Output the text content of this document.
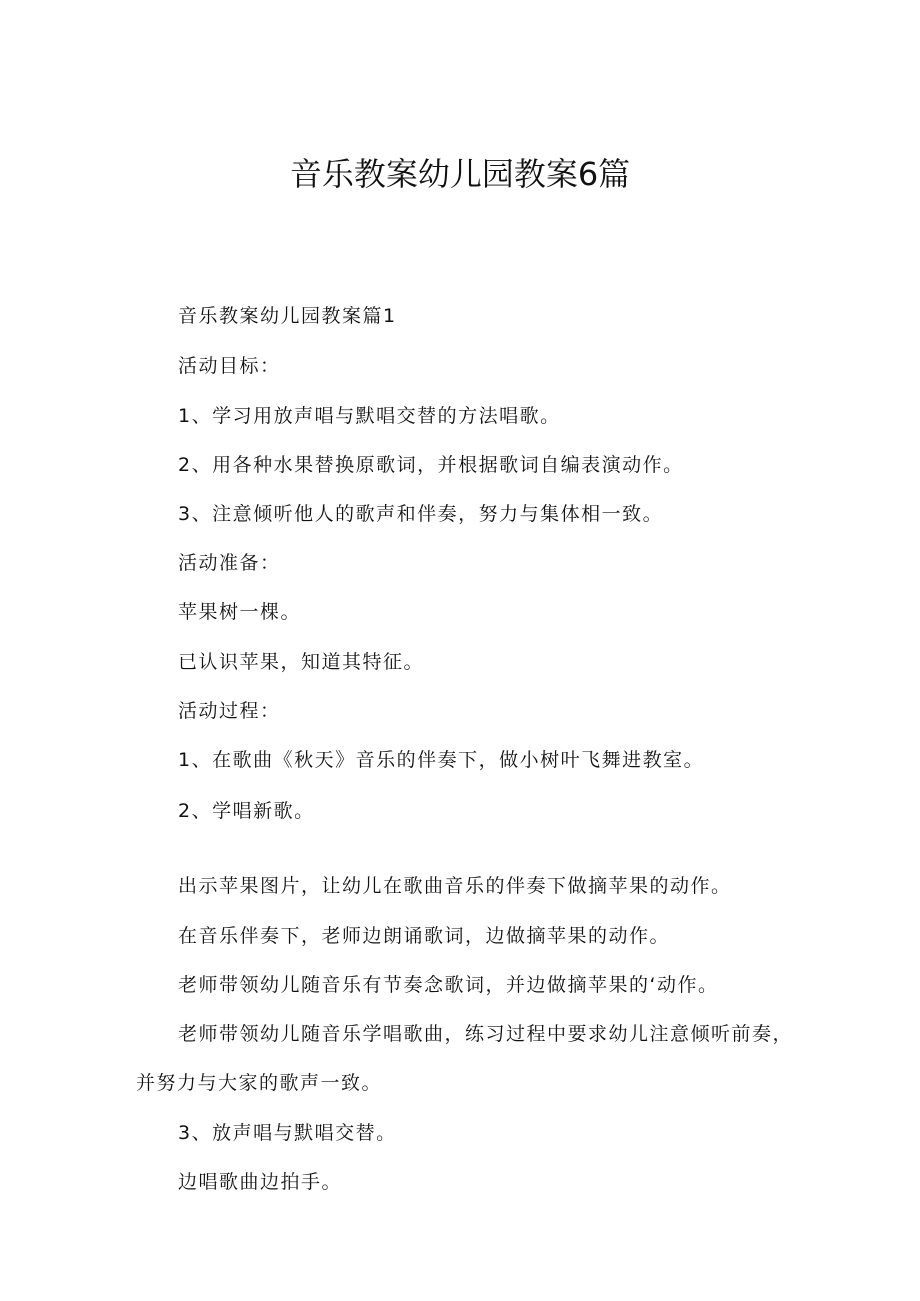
音乐教案幼儿园教案6篇

音乐教案幼儿园教案篇1

活动目标：

1、学习用放声唱与默唱交替的方法唱歌。

2、用各种水果替换原歌词，并根据歌词自编表演动作。

3、注意倾听他人的歌声和伴奏，努力与集体相一致。

活动准备：

苹果树一棵。

已认识苹果，知道其特征。

活动过程：

1、在歌曲《秋天》音乐的伴奏下，做小树叶飞舞进教室。

2、学唱新歌。

出示苹果图片，让幼儿在歌曲音乐的伴奏下做摘苹果的动作。

在音乐伴奏下，老师边朗诵歌词，边做摘苹果的动作。

老师带领幼儿随音乐有节奏念歌词，并边做摘苹果的‘动作。

老师带领幼儿随音乐学唱歌曲，练习过程中要求幼儿注意倾听前奏，

并努力与大家的歌声一致。

3、放声唱与默唱交替。

边唱歌曲边拍手。
